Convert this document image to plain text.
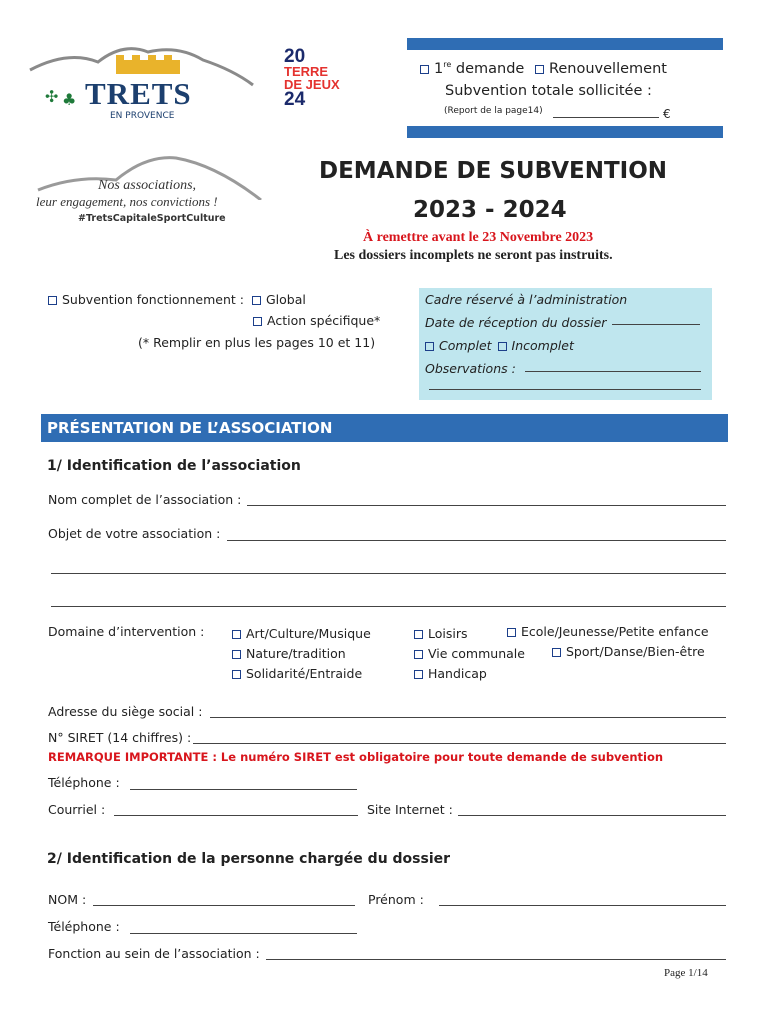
✣ ♣ TRETS
EN PROVENCE
20
TERRE
DE JEUX
24
Nos associations,
leur engagement, nos convictions !
#TretsCapitaleSportCulture
1re demande Renouvellement
Subvention totale sollicitée :
(Report de la page14)	€
DEMANDE DE SUBVENTION
2023 - 2024
À remettre avant le 23 Novembre 2023
Les dossiers incomplets ne seront pas instruits.
Subvention fonctionnement : Global
Action spécifique*
(* Remplir en plus les pages 10 et 11)
Cadre réservé à l’administration
Date de réception du dossier
Complet Incomplet
Observations :
PRÉSENTATION DE L’ASSOCIATION
1/ Identification de l’association
Nom complet de l’association :
Objet de votre association :
Domaine d’intervention :	Art/Culture/Musique
Nature/tradition
Solidarité/Entraide
Loisirs
Vie communale
Handicap
Ecole/Jeunesse/Petite enfance
Sport/Danse/Bien-être
Adresse du siège social :
N° SIRET (14 chiffres) :
REMARQUE IMPORTANTE : Le numéro SIRET est obligatoire pour toute demande de subvention
Téléphone :
Courriel :	Site Internet :
2/ Identification de la personne chargée du dossier
NOM :	Prénom :
Téléphone :
Fonction au sein de l’association :
Page 1/14
